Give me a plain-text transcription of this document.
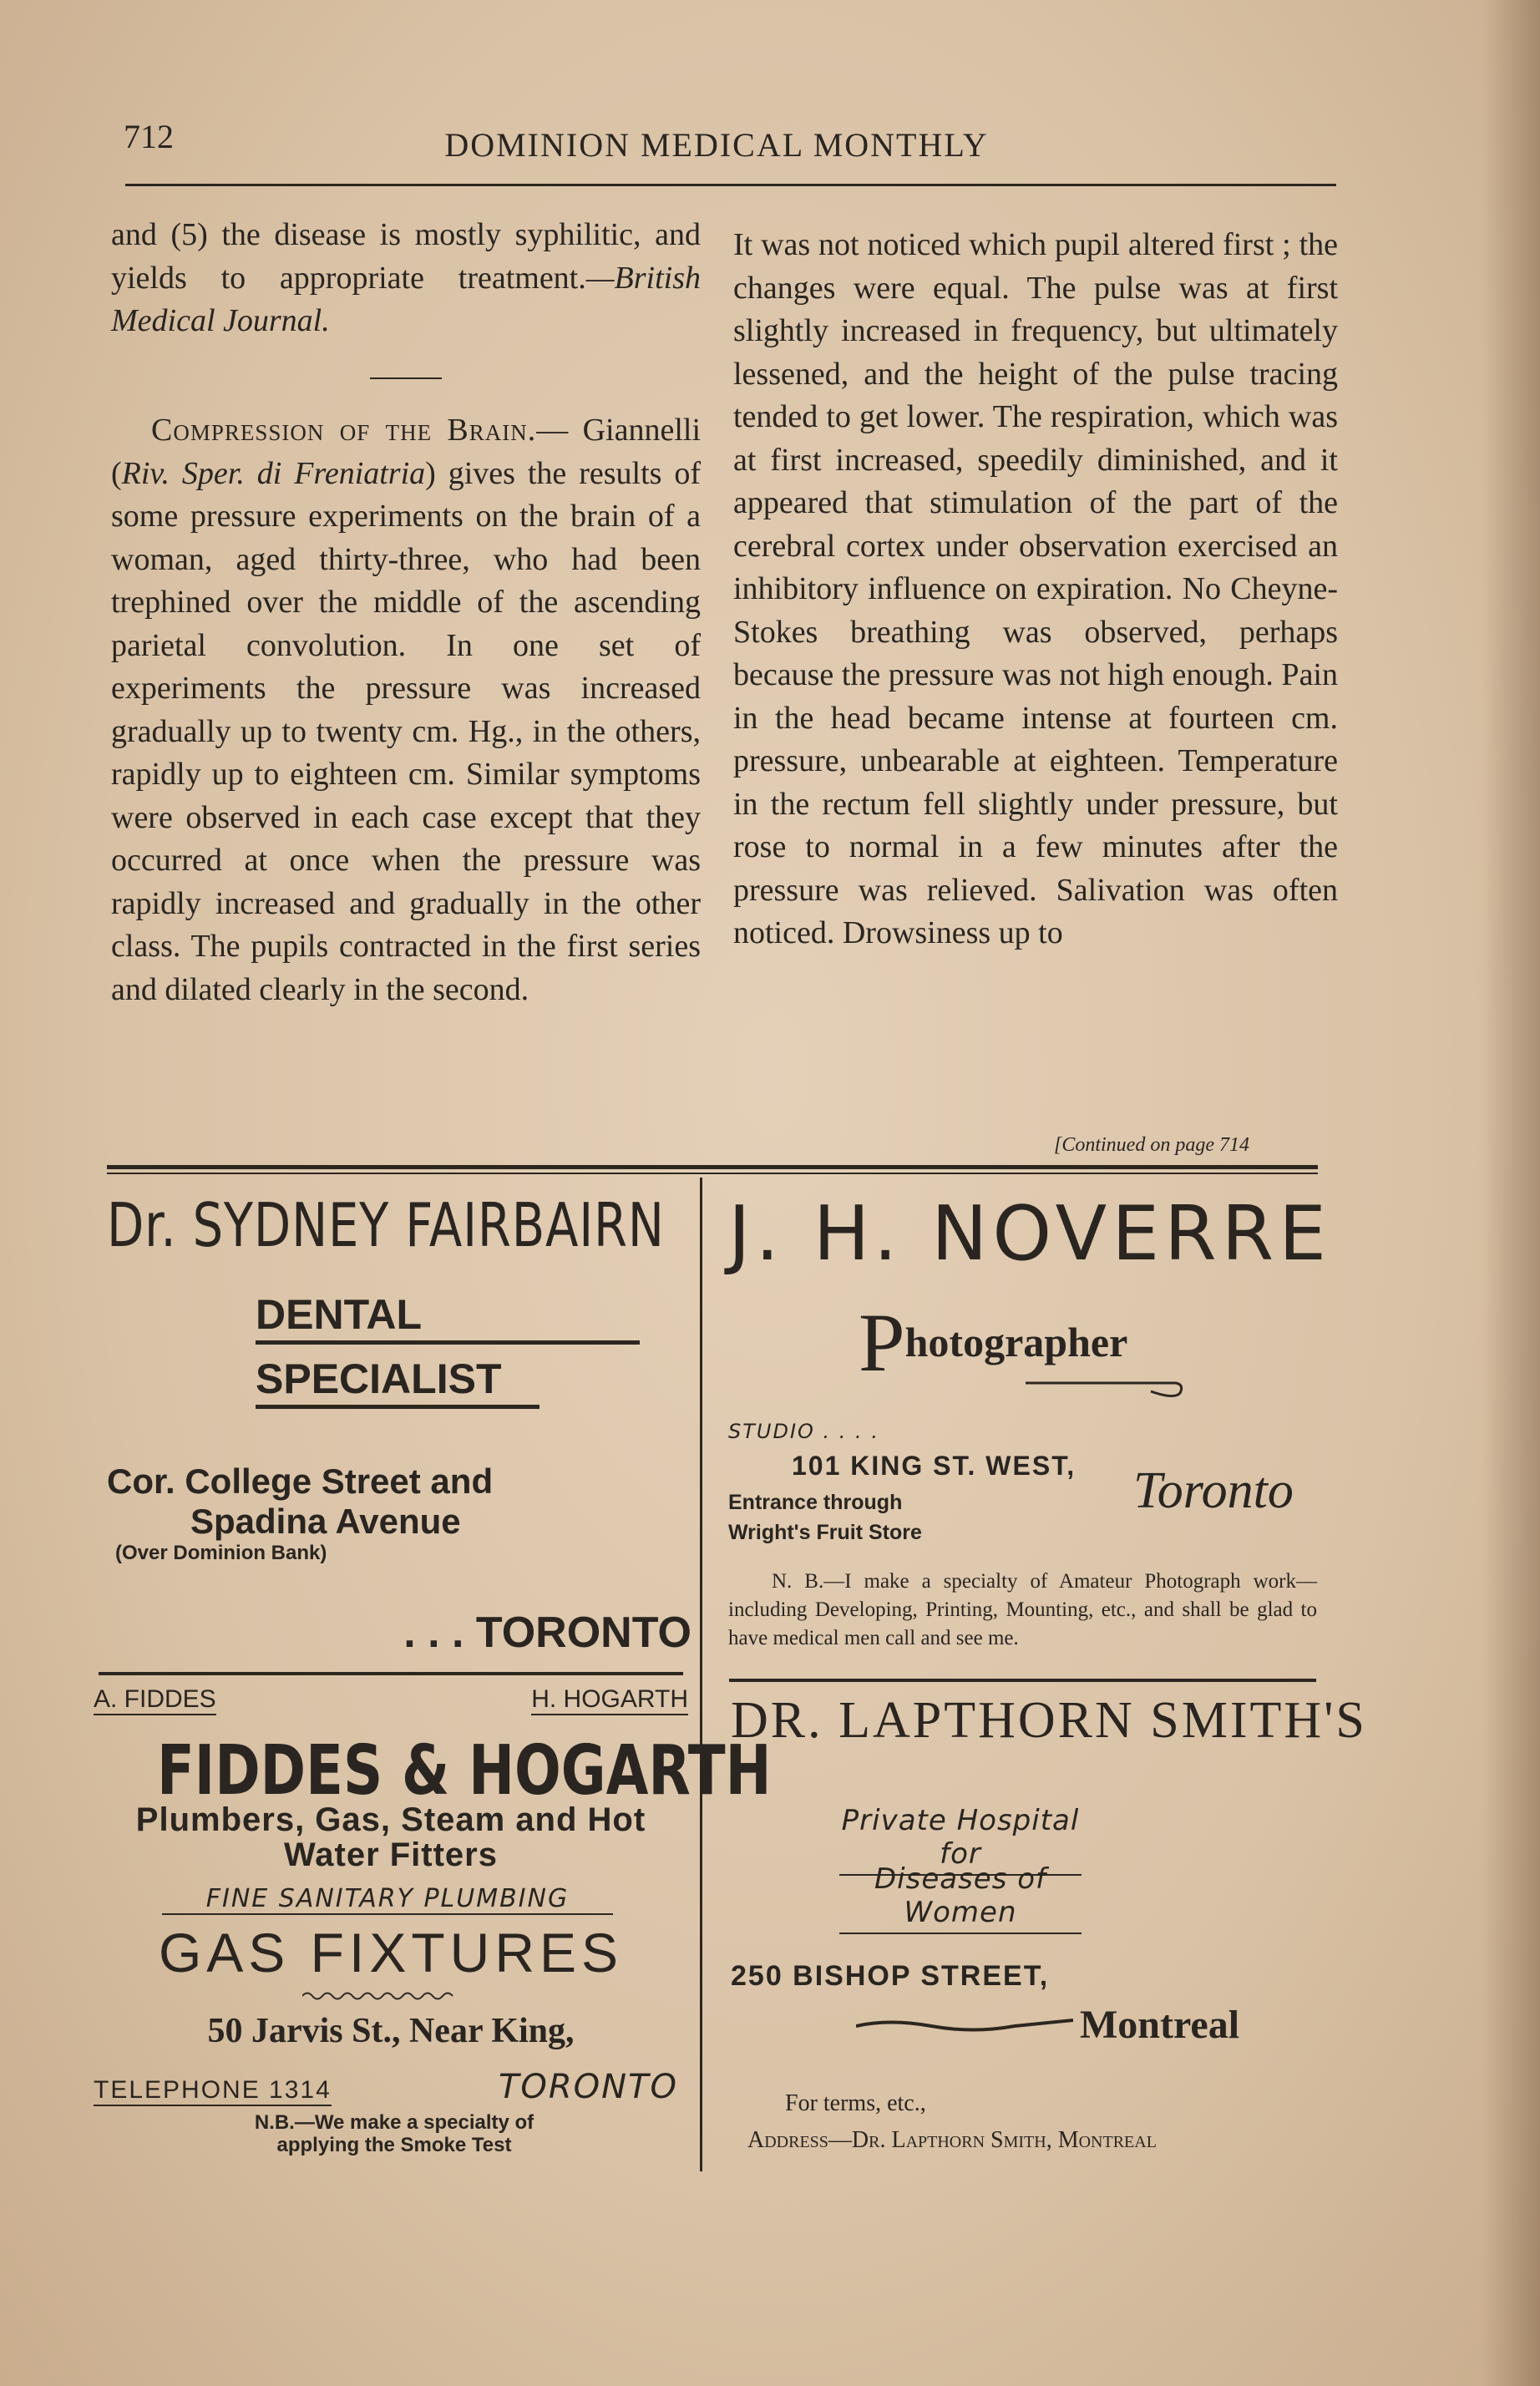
712	DOMINION MEDICAL MONTHLY

and (5) the disease is mostly syphilitic, and yields to appropriate treatment.—British Medical Journal.

Compression of the Brain.— Giannelli (Riv. Sper. di Freniatria) gives the results of some pressure experiments on the brain of a woman, aged thirty-three, who had been trephined over the middle of the ascending parietal convolution. In one set of experiments the pressure was increased gradually up to twenty cm. Hg., in the others, rapidly up to eighteen cm. Similar symptoms were observed in each case except that they occurred at once when the pressure was rapidly increased and gradually in the other class. The pupils contracted in the first series and dilated clearly in the second.

It was not noticed which pupil altered first ; the changes were equal. The pulse was at first slightly increased in frequency, but ultimately lessened, and the height of the pulse tracing tended to get lower. The respiration, which was at first increased, speedily diminished, and it appeared that stimulation of the part of the cerebral cortex under observation exercised an inhibitory influence on expiration. No Cheyne-Stokes breathing was observed, perhaps because the pressure was not high enough. Pain in the head became intense at fourteen cm. pressure, unbearable at eighteen. Temperature in the rectum fell slightly under pressure, but rose to normal in a few minutes after the pressure was relieved. Salivation was often noticed. Drowsiness up to

[Continued on page 714
Dr. SYDNEY FAIRBAIRN
DENTAL SPECIALIST
Cor. College Street and
Spadina Avenue
(Over Dominion Bank)
. . . TORONTO
J. H. NOVERRE
Photographer
STUDIO . . . .
101 KING ST. WEST,
Entrance through
Wright's Fruit Store
Toronto
N. B.—I make a specialty of Amateur Photograph work—including Developing, Printing, Mounting, etc., and shall be glad to have medical men call and see me.
A. FIDDES	H. HOGARTH
FIDDES & HOGARTH
Plumbers, Gas, Steam and Hot Water Fitters
FINE SANITARY PLUMBING
GAS FIXTURES
50 Jarvis St., Near King,
TELEPHONE 1314	TORONTO
N.B.—We make a specialty of applying the Smoke Test
DR. LAPTHORN SMITH'S
Private Hospital for
Diseases of Women
250 BISHOP STREET,
Montreal
For terms, etc.,
Address—Dr. Lapthorn Smith, Montreal
